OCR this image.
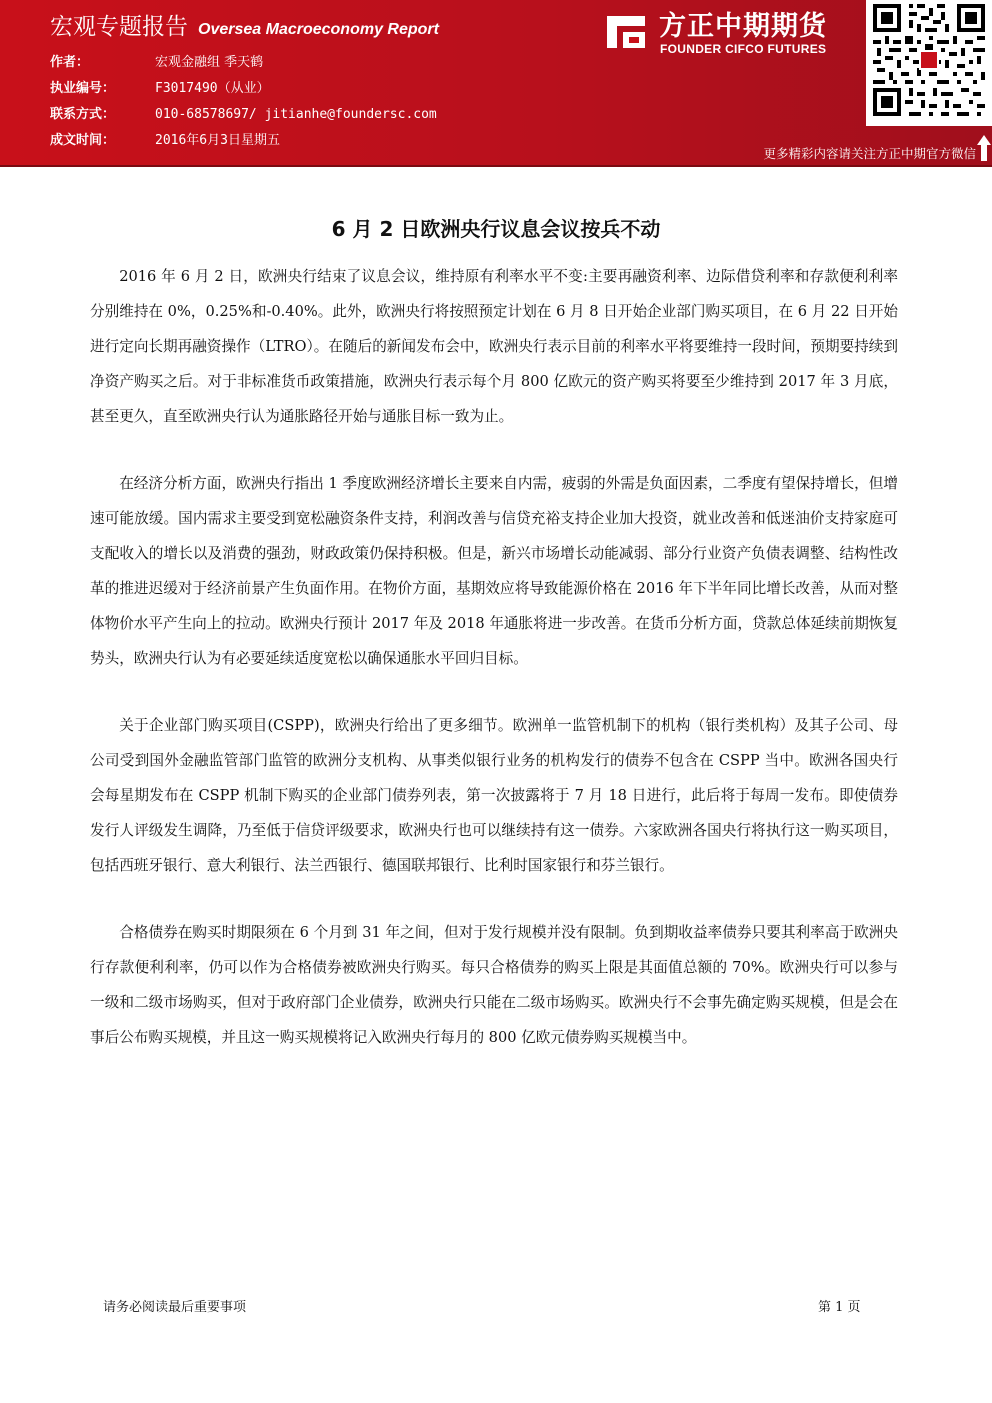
宏观专题报告 Oversea Macroeconomy Report
作者：	宏观金融组 季天鹤
执业编号：	F3017490（从业）
联系方式：	010-68578697/ jitianhe@foundersc.com
成文时间：	2016年6月3日星期五
方正中期期货
FOUNDER CIFCO FUTURES
更多精彩内容请关注方正中期官方微信
6 月 2 日欧洲央行议息会议按兵不动

2016 年 6 月 2 日，欧洲央行结束了议息会议，维持原有利率水平不变:主要再融资利率、边际借贷利率和存款便利利率分别维持在 0%，0.25%和-0.40%。此外，欧洲央行将按照预定计划在 6 月 8 日开始企业部门购买项目，在 6 月 22 日开始进行定向长期再融资操作（LTRO）。在随后的新闻发布会中，欧洲央行表示目前的利率水平将要维持一段时间，预期要持续到净资产购买之后。对于非标准货币政策措施，欧洲央行表示每个月 800 亿欧元的资产购买将要至少维持到 2017 年 3 月底，甚至更久，直至欧洲央行认为通胀路径开始与通胀目标一致为止。

在经济分析方面，欧洲央行指出 1 季度欧洲经济增长主要来自内需，疲弱的外需是负面因素，二季度有望保持增长，但增速可能放缓。国内需求主要受到宽松融资条件支持，利润改善与信贷充裕支持企业加大投资，就业改善和低迷油价支持家庭可支配收入的增长以及消费的强劲，财政政策仍保持积极。但是，新兴市场增长动能减弱、部分行业资产负债表调整、结构性改革的推进迟缓对于经济前景产生负面作用。在物价方面，基期效应将导致能源价格在 2016 年下半年同比增长改善，从而对整体物价水平产生向上的拉动。欧洲央行预计 2017 年及 2018 年通胀将进一步改善。在货币分析方面，贷款总体延续前期恢复势头，欧洲央行认为有必要延续适度宽松以确保通胀水平回归目标。

关于企业部门购买项目(CSPP)，欧洲央行给出了更多细节。欧洲单一监管机制下的机构（银行类机构）及其子公司、母公司受到国外金融监管部门监管的欧洲分支机构、从事类似银行业务的机构发行的债券不包含在 CSPP 当中。欧洲各国央行会每星期发布在 CSPP 机制下购买的企业部门债券列表，第一次披露将于 7 月 18 日进行，此后将于每周一发布。即使债券发行人评级发生调降，乃至低于信贷评级要求，欧洲央行也可以继续持有这一债券。六家欧洲各国央行将执行这一购买项目，包括西班牙银行、意大利银行、法兰西银行、德国联邦银行、比利时国家银行和芬兰银行。

合格债券在购买时期限须在 6 个月到 31 年之间，但对于发行规模并没有限制。负到期收益率债券只要其利率高于欧洲央行存款便利利率，仍可以作为合格债券被欧洲央行购买。每只合格债券的购买上限是其面值总额的 70%。欧洲央行可以参与一级和二级市场购买，但对于政府部门企业债券，欧洲央行只能在二级市场购买。欧洲央行不会事先确定购买规模，但是会在事后公布购买规模，并且这一购买规模将记入欧洲央行每月的 800 亿欧元债券购买规模当中。

请务必阅读最后重要事项	第 1 页
